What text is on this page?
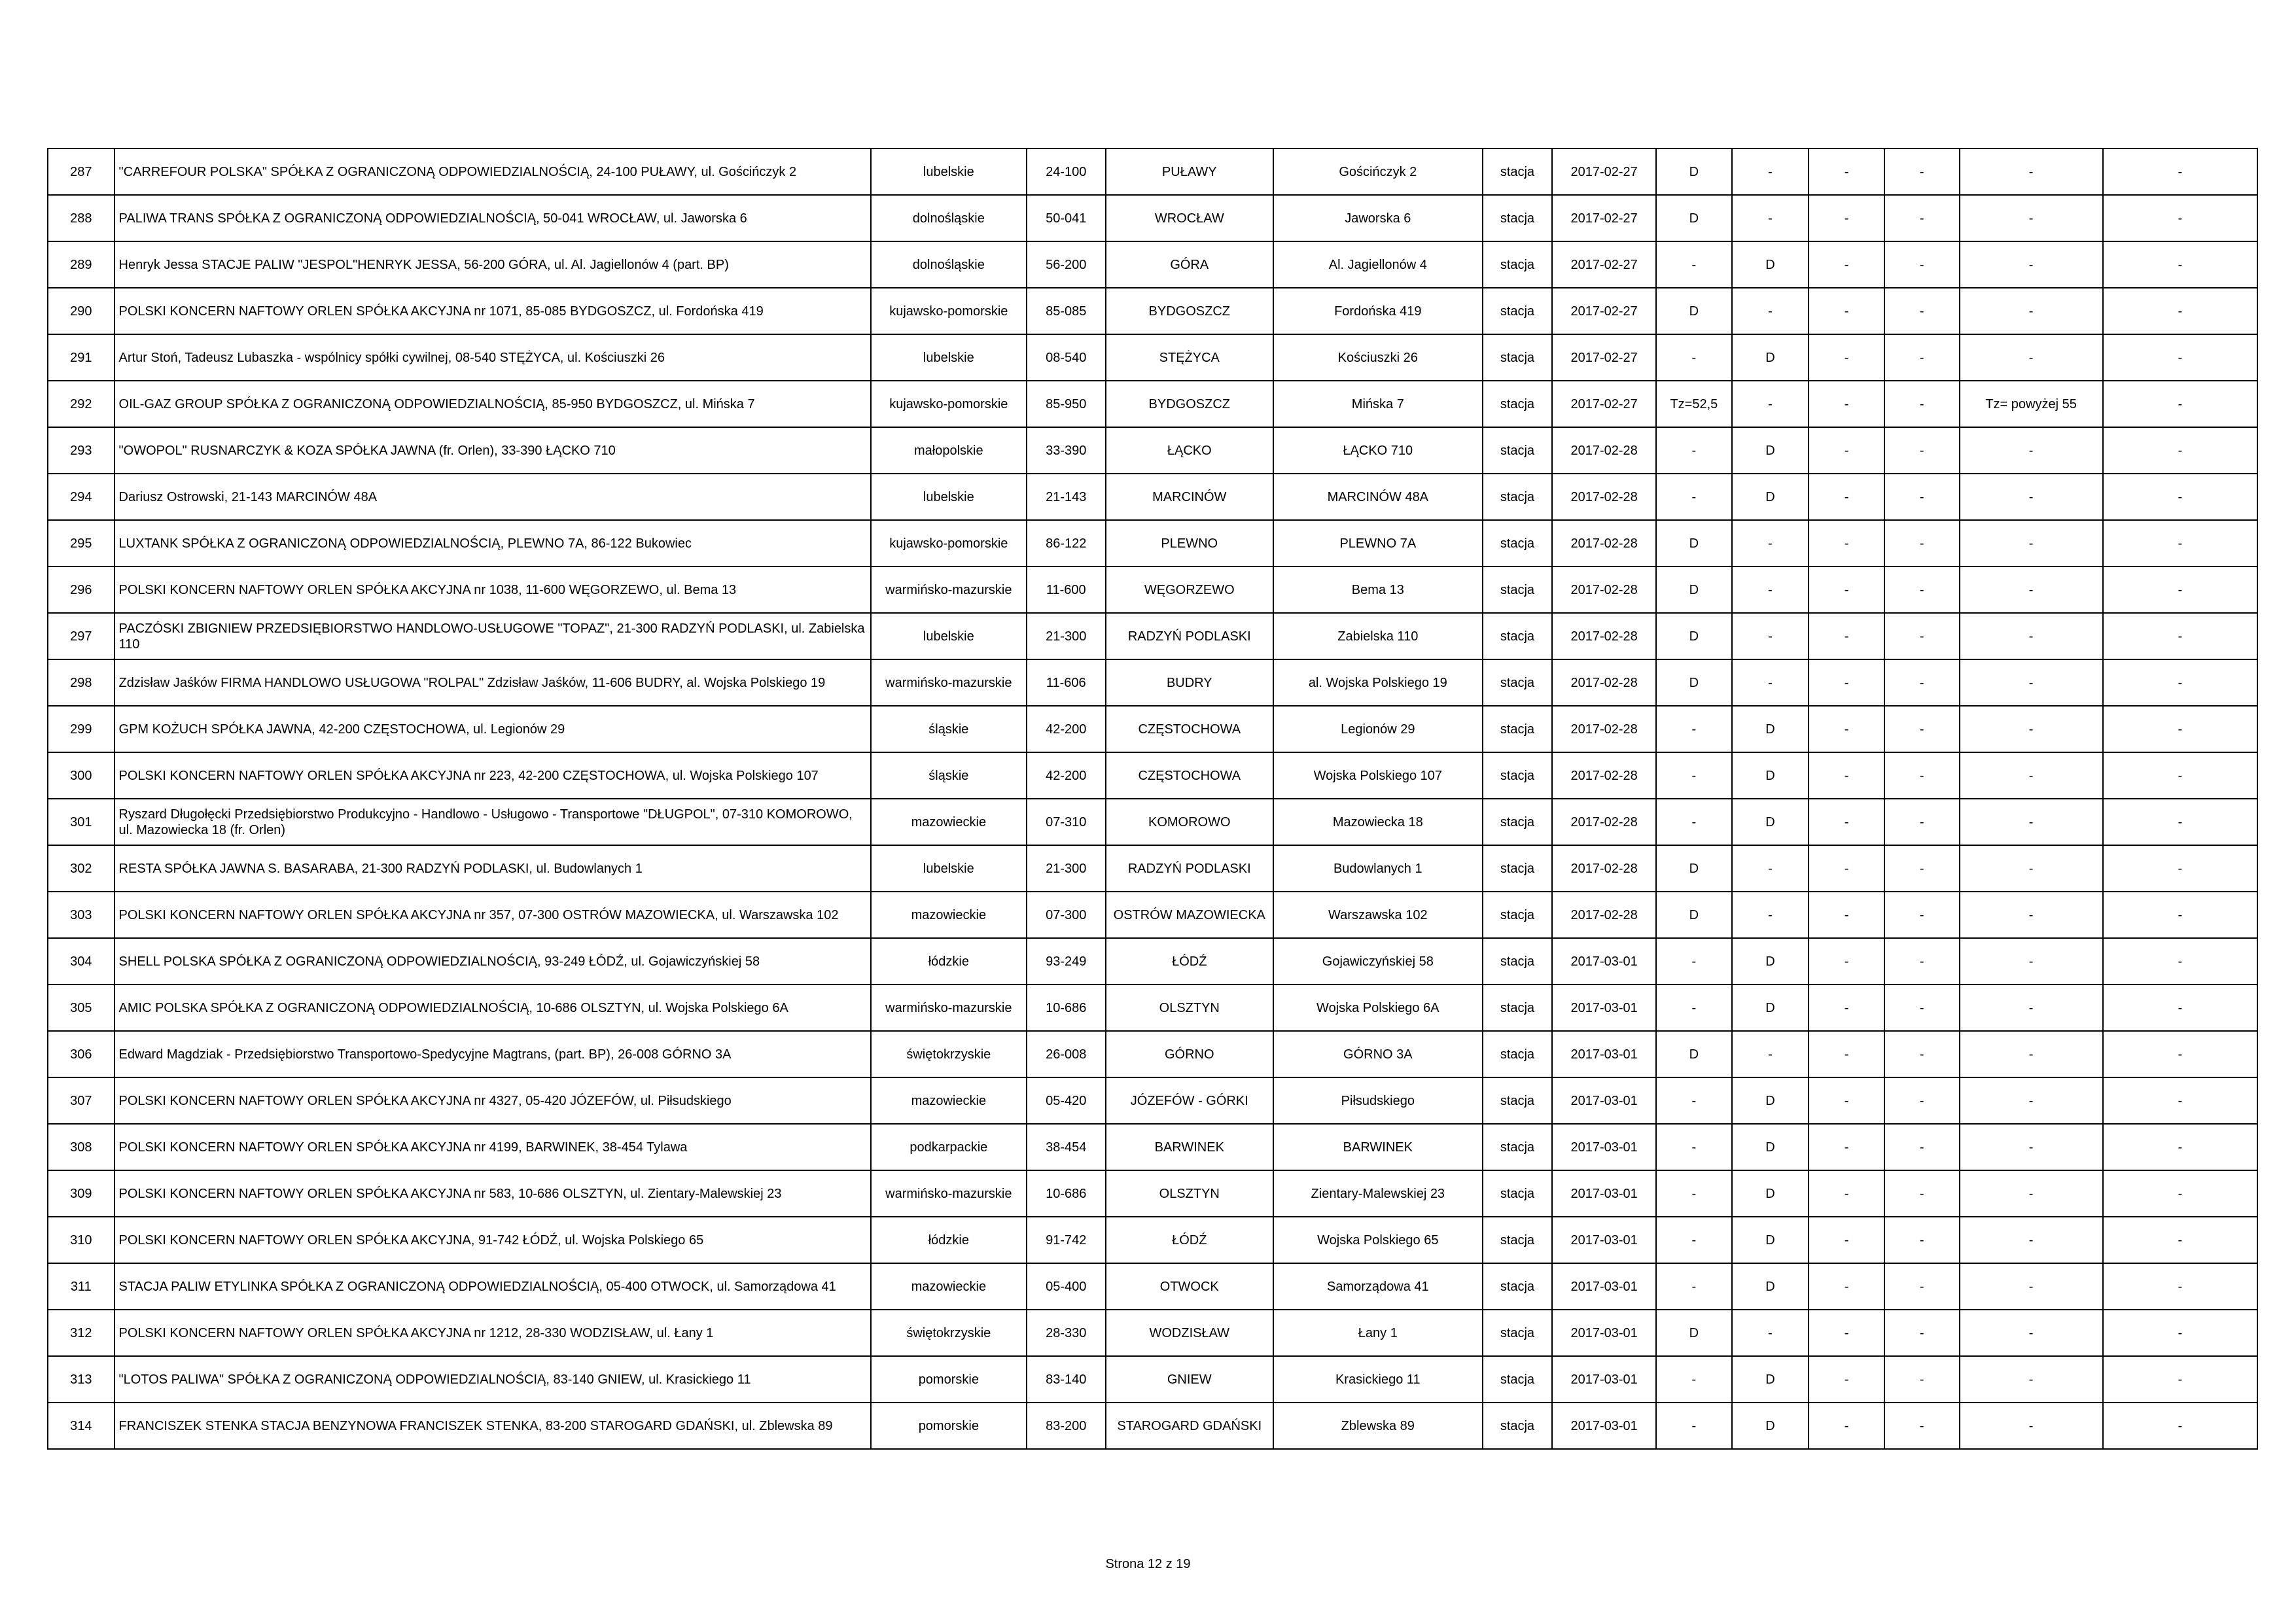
287	"CARREFOUR POLSKA" SPÓŁKA Z OGRANICZONĄ ODPOWIEDZIALNOŚCIĄ, 24-100 PUŁAWY, ul. Gościńczyk 2	lubelskie	24-100	PUŁAWY	Gościńczyk 2	stacja	2017-02-27	D	-	-	-	-	-
288	PALIWA TRANS SPÓŁKA Z OGRANICZONĄ ODPOWIEDZIALNOŚCIĄ, 50-041 WROCŁAW, ul. Jaworska 6	dolnośląskie	50-041	WROCŁAW	Jaworska 6	stacja	2017-02-27	D	-	-	-	-	-
289	Henryk Jessa STACJE PALIW "JESPOL"HENRYK JESSA, 56-200 GÓRA, ul. Al. Jagiellonów 4 (part. BP)	dolnośląskie	56-200	GÓRA	Al. Jagiellonów 4	stacja	2017-02-27	-	D	-	-	-	-
290	POLSKI KONCERN NAFTOWY ORLEN SPÓŁKA AKCYJNA nr 1071, 85-085 BYDGOSZCZ, ul. Fordońska 419	kujawsko-pomorskie	85-085	BYDGOSZCZ	Fordońska 419	stacja	2017-02-27	D	-	-	-	-	-
291	Artur Stoń, Tadeusz Lubaszka - wspólnicy spółki cywilnej, 08-540 STĘŻYCA, ul. Kościuszki 26	lubelskie	08-540	STĘŻYCA	Kościuszki 26	stacja	2017-02-27	-	D	-	-	-	-
292	OIL-GAZ GROUP SPÓŁKA Z OGRANICZONĄ ODPOWIEDZIALNOŚCIĄ, 85-950 BYDGOSZCZ, ul. Mińska 7	kujawsko-pomorskie	85-950	BYDGOSZCZ	Mińska 7	stacja	2017-02-27	Tz=52,5	-	-	-	Tz= powyżej 55	-
293	"OWOPOL" RUSNARCZYK & KOZA SPÓŁKA JAWNA (fr. Orlen), 33-390 ŁĄCKO 710	małopolskie	33-390	ŁĄCKO	ŁĄCKO 710	stacja	2017-02-28	-	D	-	-	-	-
294	Dariusz Ostrowski, 21-143 MARCINÓW 48A	lubelskie	21-143	MARCINÓW	MARCINÓW 48A	stacja	2017-02-28	-	D	-	-	-	-
295	LUXTANK SPÓŁKA Z OGRANICZONĄ ODPOWIEDZIALNOŚCIĄ, PLEWNO 7A, 86-122 Bukowiec	kujawsko-pomorskie	86-122	PLEWNO	PLEWNO 7A	stacja	2017-02-28	D	-	-	-	-	-
296	POLSKI KONCERN NAFTOWY ORLEN SPÓŁKA AKCYJNA nr 1038, 11-600 WĘGORZEWO, ul. Bema 13	warmińsko-mazurskie	11-600	WĘGORZEWO	Bema 13	stacja	2017-02-28	D	-	-	-	-	-
297	PACZÓSKI ZBIGNIEW PRZEDSIĘBIORSTWO HANDLOWO-USŁUGOWE "TOPAZ", 21-300 RADZYŃ PODLASKI, ul. Zabielska 110	lubelskie	21-300	RADZYŃ PODLASKI	Zabielska 110	stacja	2017-02-28	D	-	-	-	-	-
298	Zdzisław Jaśków FIRMA HANDLOWO USŁUGOWA "ROLPAL" Zdzisław Jaśków, 11-606 BUDRY, al. Wojska Polskiego 19	warmińsko-mazurskie	11-606	BUDRY	al. Wojska Polskiego 19	stacja	2017-02-28	D	-	-	-	-	-
299	GPM KOŻUCH SPÓŁKA JAWNA, 42-200 CZĘSTOCHOWA, ul. Legionów 29	śląskie	42-200	CZĘSTOCHOWA	Legionów 29	stacja	2017-02-28	-	D	-	-	-	-
300	POLSKI KONCERN NAFTOWY ORLEN SPÓŁKA AKCYJNA nr 223, 42-200 CZĘSTOCHOWA, ul. Wojska Polskiego 107	śląskie	42-200	CZĘSTOCHOWA	Wojska Polskiego 107	stacja	2017-02-28	-	D	-	-	-	-
301	Ryszard Długołęcki Przedsiębiorstwo Produkcyjno - Handlowo - Usługowo - Transportowe "DŁUGPOL", 07-310 KOMOROWO, ul. Mazowiecka 18 (fr. Orlen)	mazowieckie	07-310	KOMOROWO	Mazowiecka 18	stacja	2017-02-28	-	D	-	-	-	-
302	RESTA SPÓŁKA JAWNA S. BASARABA, 21-300 RADZYŃ PODLASKI, ul. Budowlanych 1	lubelskie	21-300	RADZYŃ PODLASKI	Budowlanych 1	stacja	2017-02-28	D	-	-	-	-	-
303	POLSKI KONCERN NAFTOWY ORLEN SPÓŁKA AKCYJNA nr 357, 07-300 OSTRÓW MAZOWIECKA, ul. Warszawska 102	mazowieckie	07-300	OSTRÓW MAZOWIECKA	Warszawska 102	stacja	2017-02-28	D	-	-	-	-	-
304	SHELL POLSKA SPÓŁKA Z OGRANICZONĄ ODPOWIEDZIALNOŚCIĄ, 93-249 ŁÓDŹ, ul. Gojawiczyńskiej 58	łódzkie	93-249	ŁÓDŹ	Gojawiczyńskiej 58	stacja	2017-03-01	-	D	-	-	-	-
305	AMIC POLSKA SPÓŁKA Z OGRANICZONĄ ODPOWIEDZIALNOŚCIĄ, 10-686 OLSZTYN, ul. Wojska Polskiego 6A	warmińsko-mazurskie	10-686	OLSZTYN	Wojska Polskiego 6A	stacja	2017-03-01	-	D	-	-	-	-
306	Edward Magdziak - Przedsiębiorstwo Transportowo-Spedycyjne Magtrans, (part. BP), 26-008 GÓRNO 3A	świętokrzyskie	26-008	GÓRNO	GÓRNO 3A	stacja	2017-03-01	D	-	-	-	-	-
307	POLSKI KONCERN NAFTOWY ORLEN SPÓŁKA AKCYJNA nr 4327, 05-420 JÓZEFÓW, ul. Piłsudskiego	mazowieckie	05-420	JÓZEFÓW - GÓRKI	Piłsudskiego	stacja	2017-03-01	-	D	-	-	-	-
308	POLSKI KONCERN NAFTOWY ORLEN SPÓŁKA AKCYJNA nr 4199, BARWINEK, 38-454 Tylawa	podkarpackie	38-454	BARWINEK	BARWINEK	stacja	2017-03-01	-	D	-	-	-	-
309	POLSKI KONCERN NAFTOWY ORLEN SPÓŁKA AKCYJNA nr 583, 10-686 OLSZTYN, ul. Zientary-Malewskiej 23	warmińsko-mazurskie	10-686	OLSZTYN	Zientary-Malewskiej 23	stacja	2017-03-01	-	D	-	-	-	-
310	POLSKI KONCERN NAFTOWY ORLEN SPÓŁKA AKCYJNA, 91-742 ŁÓDŹ, ul. Wojska Polskiego 65	łódzkie	91-742	ŁÓDŹ	Wojska Polskiego 65	stacja	2017-03-01	-	D	-	-	-	-
311	STACJA PALIW ETYLINKA SPÓŁKA Z OGRANICZONĄ ODPOWIEDZIALNOŚCIĄ, 05-400 OTWOCK, ul. Samorządowa 41	mazowieckie	05-400	OTWOCK	Samorządowa 41	stacja	2017-03-01	-	D	-	-	-	-
312	POLSKI KONCERN NAFTOWY ORLEN SPÓŁKA AKCYJNA nr 1212, 28-330 WODZISŁAW, ul. Łany 1	świętokrzyskie	28-330	WODZISŁAW	Łany 1	stacja	2017-03-01	D	-	-	-	-	-
313	"LOTOS PALIWA" SPÓŁKA Z OGRANICZONĄ ODPOWIEDZIALNOŚCIĄ, 83-140 GNIEW, ul. Krasickiego 11	pomorskie	83-140	GNIEW	Krasickiego 11	stacja	2017-03-01	-	D	-	-	-	-
314	FRANCISZEK STENKA STACJA BENZYNOWA FRANCISZEK STENKA, 83-200 STAROGARD GDAŃSKI, ul. Zblewska 89	pomorskie	83-200	STAROGARD GDAŃSKI	Zblewska 89	stacja	2017-03-01	-	D	-	-	-	-
Strona 12 z 19
